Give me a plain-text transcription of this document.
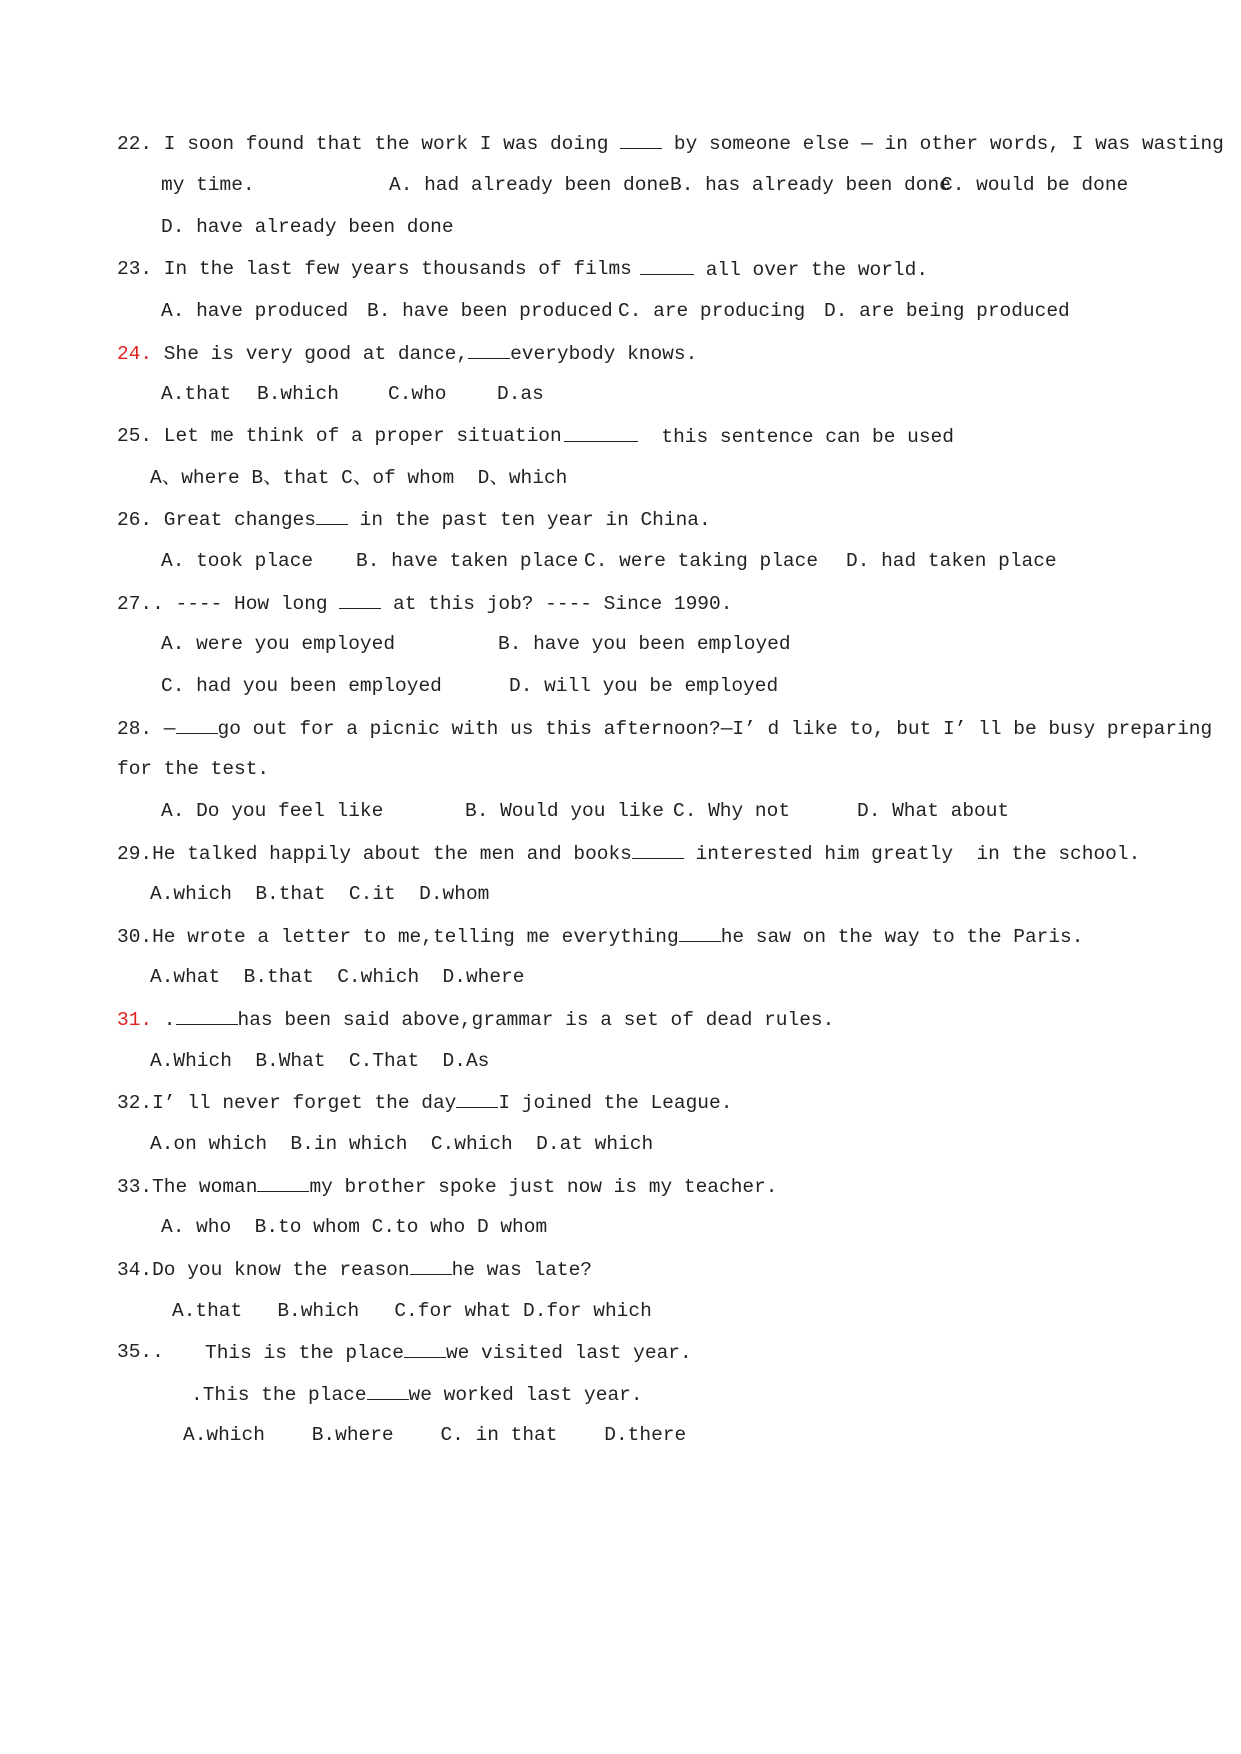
22. I soon found that the work I was doing  by someone else — in other words, I was wasting
my time.	A. had already been done B. has already been done
C. would be done
D. have already been done
23. In the last few years thousands of films	all over the world.
A. have produced B. have been produced C. are producing D. are being produced
24. She is very good at dance, everybody knows.
A.that B.which	C.who	D.as
25. Let me think of a proper situation	this sentence can be used
A、where B、that C、of whom  D、which
26. Great changes in the past ten year in China.
A. took place B. have taken place C. were taking place D. had taken place
27.. ---- How long  at this job? ---- Since 1990.
A. were you employed	B. have you been employed
C. had you been employed	D. will you be employed
28. — go out for a picnic with us this afternoon?—I’ d like to, but I’ ll be busy preparing
for the test.
A. Do you feel like	B. Would you like C. Why not	D. What about
29.He talked happily about the men and books	interested him greatly  in the school.
A.which  B.that  C.it  D.whom
30.He wrote a letter to me,telling me everything he saw on the way to the Paris.
A.what  B.that  C.which  D.where
31. .	has been said above,grammar is a set of dead rules.
A.Which  B.What  C.That  D.As
32.I’ ll never forget the day I joined the League.
A.on which  B.in which  C.which  D.at which
33.The woman	my brother spoke just now is my teacher.
A. who  B.to whom C.to who D whom
34.Do you know the reason he was late?
A.that   B.which   C.for what D.for which
35.. This is the place we visited last year.
.This the place we worked last year.
A.which    B.where    C. in that    D.there
